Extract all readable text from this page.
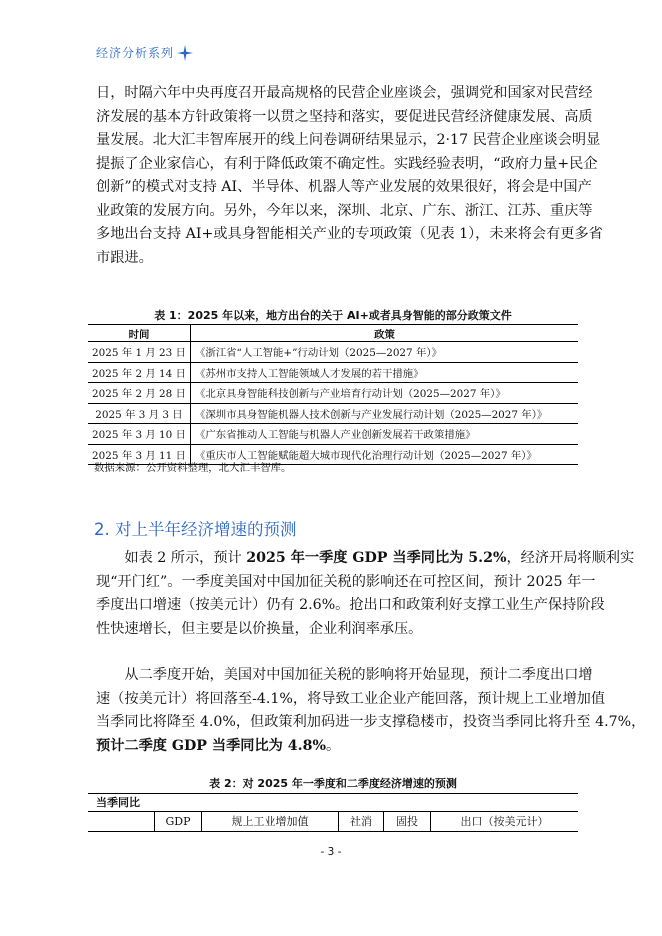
经济分析系列
日，时隔六年中央再度召开最高规格的民营企业座谈会，强调党和国家对民营经
济发展的基本方针政策将一以贯之坚持和落实，要促进民营经济健康发展、高质
量发展。北大汇丰智库展开的线上问卷调研结果显示，2·17 民营企业座谈会明显
提振了企业家信心，有利于降低政策不确定性。实践经验表明，“政府力量+民企
创新”的模式对支持 AI、半导体、机器人等产业发展的效果很好，将会是中国产
业政策的发展方向。另外，今年以来，深圳、北京、广东、浙江、江苏、重庆等
多地出台支持 AI+或具身智能相关产业的专项政策（见表 1），未来将会有更多省
市跟进。
表 1：2025 年以来，地方出台的关于 AI+或者具身智能的部分政策文件
时间	政策
2025 年 1 月 23 日	《浙江省“人工智能+”行动计划（2025—2027 年）》
2025 年 2 月 14 日	《苏州市支持人工智能领域人才发展的若干措施》
2025 年 2 月 28 日	《北京具身智能科技创新与产业培育行动计划（2025—2027 年）》
2025 年 3 月 3 日	《深圳市具身智能机器人技术创新与产业发展行动计划（2025—2027 年）》
2025 年 3 月 10 日	《广东省推动人工智能与机器人产业创新发展若干政策措施》
2025 年 3 月 11 日	《重庆市人工智能赋能超大城市现代化治理行动计划（2025—2027 年）》
数据来源：公开资料整理，北大汇丰智库。
2. 对上半年经济增速的预测
　　如表 2 所示，预计 2025 年一季度 GDP 当季同比为 5.2%，经济开局将顺利实
现“开门红”。一季度美国对中国加征关税的影响还在可控区间，预计 2025 年一
季度出口增速（按美元计）仍有 2.6%。抢出口和政策利好支撑工业生产保持阶段
性快速增长，但主要是以价换量，企业利润率承压。
　　从二季度开始，美国对中国加征关税的影响将开始显现，预计二季度出口增
速（按美元计）将回落至-4.1%，将导致工业企业产能回落，预计规上工业增加值
当季同比将降至 4.0%，但政策利加码进一步支撑稳楼市，投资当季同比将升至 4.7%，
预计二季度 GDP 当季同比为 4.8%。
表 2：对 2025 年一季度和二季度经济增速的预测
当季同比
GDP	规上工业增加值	社消	固投	出口（按美元计）
- 3 -
